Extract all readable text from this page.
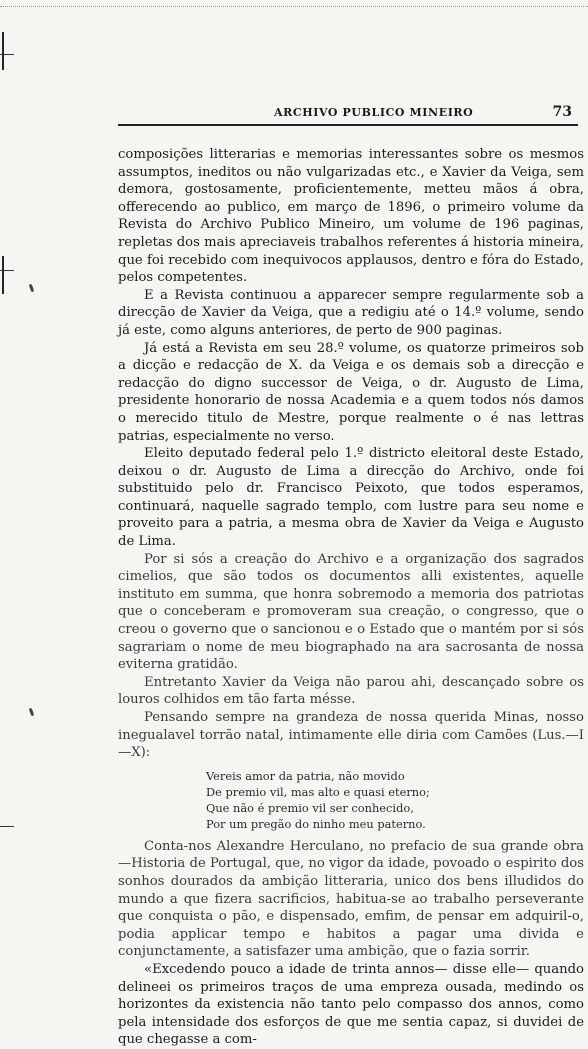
ARCHIVO PUBLICO MINEIRO	73

composições litterarias e memorias interessantes sobre os mesmos assumptos, ineditos ou não vulgarizadas etc., e Xavier da Veiga, sem demora, gostosamente, proficientemente, metteu mãos á obra, offerecendo ao publico, em março de 1896, o primeiro volume da Revista do Archivo Publico Mineiro, um volume de 196 paginas, repletas dos mais apreciaveis trabalhos referentes á historia mineira, que foi recebido com inequivocos applausos, dentro e fóra do Estado, pelos competentes.

E a Revista continuou a apparecer sempre regularmente sob a direcção de Xavier da Veiga, que a redigiu até o 14.º volume, sendo já este, como alguns anteriores, de perto de 900 paginas.

Já está a Revista em seu 28.º volume, os quatorze primeiros sob a dicção e redacção de X. da Veiga e os demais sob a direcção e redacção do digno successor de Veiga, o dr. Augusto de Lima, presidente honorario de nossa Academia e a quem todos nós damos o merecido titulo de Mestre, porque realmente o é nas lettras patrias, especialmente no verso.

Eleito deputado federal pelo 1.º districto eleitoral deste Estado, deixou o dr. Augusto de Lima a direcção do Archivo, onde foi substituido pelo dr. Francisco Peixoto, que todos esperamos, continuará, naquelle sagrado templo, com lustre para seu nome e proveito para a patria, a mesma obra de Xavier da Veiga e Augusto de Lima.

Por si sós a creação do Archivo e a organização dos sagrados cimelios, que são todos os documentos alli existentes, aquelle instituto em summa, que honra sobremodo a memoria dos patriotas que o conceberam e promoveram sua creação, o congresso, que o creou o governo que o sancionou e o Estado que o mantém por si sós sagrariam o nome de meu biographado na ara sacrosanta de nossa eviterna gratidão.

Entretanto Xavier da Veiga não parou ahi, descançado sobre os louros colhidos em tão farta mésse.

Pensando sempre na grandeza de nossa querida Minas, nosso inegualavel torrão natal, intimamente elle diria com Camões (Lus.—I—X):

Vereis amor da patria, não movido
De premio vil, mas alto e quasi eterno;
Que não é premio vil ser conhecido,
Por um pregão do ninho meu paterno.

Conta-nos Alexandre Herculano, no prefacio de sua grande obra—Historia de Portugal, que, no vigor da idade, povoado o espirito dos sonhos dourados da ambição litteraria, unico dos bens illudidos do mundo a que fizera sacrificios, habitua-se ao trabalho perseverante que conquista o pão, e dispensado, emfim, de pensar em adquiril-o, podia applicar tempo e habitos a pagar uma divida e conjunctamente, a satisfazer uma ambição, que o fazia sorrir.

«Excedendo pouco a idade de trinta annos— disse elle— quando delineei os primeiros traços de uma empreza ousada, medindo os horizontes da existencia não tanto pelo compasso dos annos, como pela intensidade dos esforços de que me sentia capaz, si duvidei de que chegasse a com-
